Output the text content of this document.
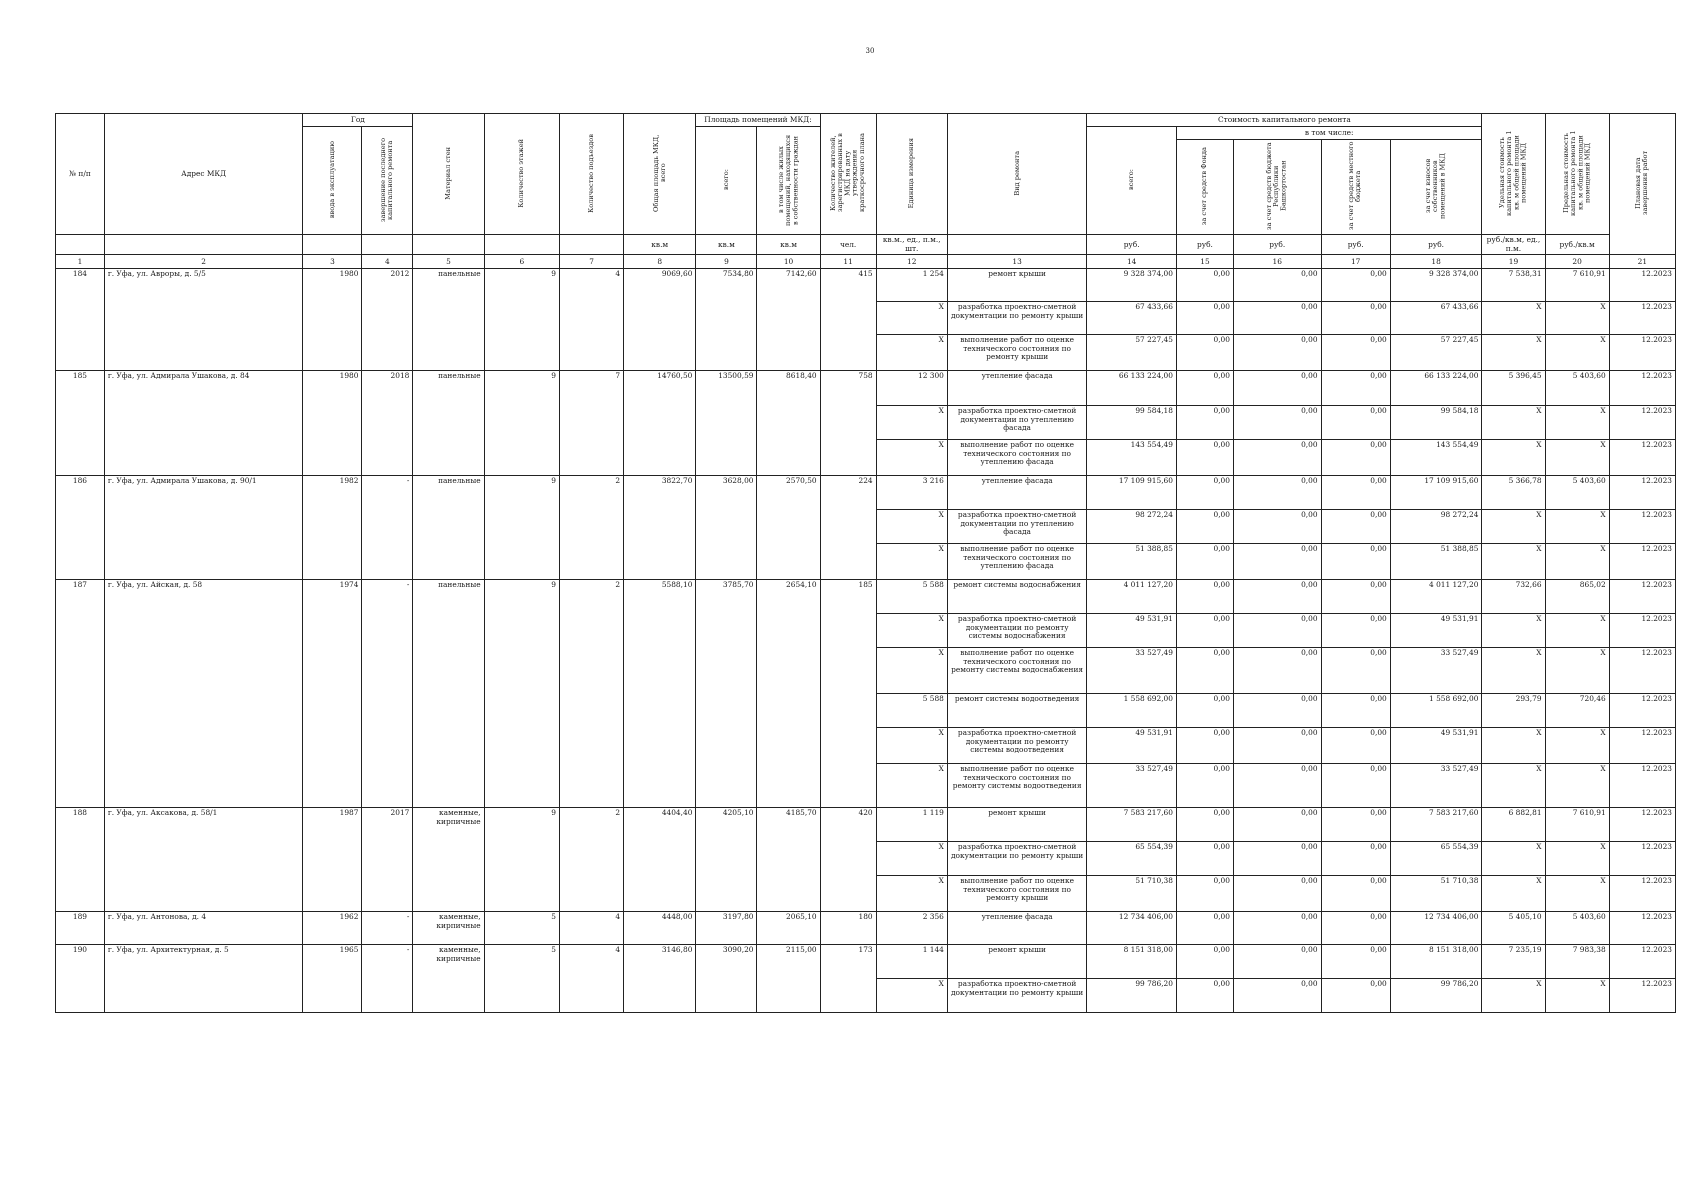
30
№ п/п	Адрес МКД	Год		Материал стен	Количество этажей	Количество подъездов	Общая площадь МКД, всего	Площадь помещений МКД:		Количество жителей, зарегистрированных в МКД на дату утверждения краткосрочного плана	Единица измерения	Вид ремонта	Стоимость капитального ремонта					Удельная стоимость капитального ремонта 1 кв. м общей площади помещений МКД	Предельная стоимость капитального ремонта 1 кв. м общей площади помещений МКД	Плановая дата завершения работ
		ввода в эксплуатацию	завершение последнего капитального ремонта					всего:	в том числе жилых помещений, находящихся в собственности граждан				всего:	в том числе:						
														за счет средств Фонда	за счет средств бюджета Республики Башкортостан	за счет средств местного бюджета	за счет взносов собственников помещений в МКД			
							кв.м	кв.м	кв.м	чел.	кв.м., ед., п.м., шт.		руб.	руб.	руб.	руб.	руб.	руб./кв.м, ед., п.м.	руб./кв.м	
1	2	3	4	5	6	7	8	9	10	11	12	13	14	15	16	17	18	19	20	21
184	г. Уфа, ул. Авроры, д. 5/5	1980	2012	панельные	9	4	9069,60	7534,80	7142,60	415	1 254	ремонт крыши	9 328 374,00	0,00	0,00	0,00	9 328 374,00	7 538,31	7 610,91	12.2023
											X	разработка проектно-сметной документации по ремонту крыши	67 433,66	0,00	0,00	0,00	67 433,66	X	X	12.2023
											X	выполнение работ по оценке технического состояния по ремонту крыши	57 227,45	0,00	0,00	0,00	57 227,45	X	X	12.2023
185	г. Уфа, ул. Адмирала Ушакова, д. 84	1980	2018	панельные	9	7	14760,50	13500,59	8618,40	758	12 300	утепление фасада	66 133 224,00	0,00	0,00	0,00	66 133 224,00	5 396,45	5 403,60	12.2023
											X	разработка проектно-сметной документации по утеплению фасада	99 584,18	0,00	0,00	0,00	99 584,18	X	X	12.2023
											X	выполнение работ по оценке технического состояния по утеплению фасада	143 554,49	0,00	0,00	0,00	143 554,49	X	X	12.2023
186	г. Уфа, ул. Адмирала Ушакова, д. 90/1	1982	-	панельные	9	2	3822,70	3628,00	2570,50	224	3 216	утепление фасада	17 109 915,60	0,00	0,00	0,00	17 109 915,60	5 366,78	5 403,60	12.2023
											X	разработка проектно-сметной документации по утеплению фасада	98 272,24	0,00	0,00	0,00	98 272,24	X	X	12.2023
											X	выполнение работ по оценке технического состояния по утеплению фасада	51 388,85	0,00	0,00	0,00	51 388,85	X	X	12.2023
187	г. Уфа, ул. Айская, д. 58	1974	-	панельные	9	2	5588,10	3785,70	2654,10	185	5 588	ремонт системы водоснабжения	4 011 127,20	0,00	0,00	0,00	4 011 127,20	732,66	865,02	12.2023
											X	разработка проектно-сметной документации по ремонту системы водоснабжения	49 531,91	0,00	0,00	0,00	49 531,91	X	X	12.2023
											X	выполнение работ по оценке технического состояния по ремонту системы водоснабжения	33 527,49	0,00	0,00	0,00	33 527,49	X	X	12.2023
											5 588	ремонт системы водоотведения	1 558 692,00	0,00	0,00	0,00	1 558 692,00	293,79	720,46	12.2023
											X	разработка проектно-сметной документации по ремонту системы водоотведения	49 531,91	0,00	0,00	0,00	49 531,91	X	X	12.2023
											X	выполнение работ по оценке технического состояния по ремонту системы водоотведения	33 527,49	0,00	0,00	0,00	33 527,49	X	X	12.2023
188	г. Уфа, ул. Аксакова, д. 58/1	1987	2017	каменные, кирпичные	9	2	4404,40	4205,10	4185,70	420	1 119	ремонт крыши	7 583 217,60	0,00	0,00	0,00	7 583 217,60	6 882,81	7 610,91	12.2023
											X	разработка проектно-сметной документации по ремонту крыши	65 554,39	0,00	0,00	0,00	65 554,39	X	X	12.2023
											X	выполнение работ по оценке технического состояния по ремонту крыши	51 710,38	0,00	0,00	0,00	51 710,38	X	X	12.2023
189	г. Уфа, ул. Антонова, д. 4	1962	-	каменные, кирпичные	5	4	4448,00	3197,80	2065,10	180	2 356	утепление фасада	12 734 406,00	0,00	0,00	0,00	12 734 406,00	5 405,10	5 403,60	12.2023
190	г. Уфа, ул. Архитектурная, д. 5	1965	-	каменные, кирпичные	5	4	3146,80	3090,20	2115,00	173	1 144	ремонт крыши	8 151 318,00	0,00	0,00	0,00	8 151 318,00	7 235,19	7 983,38	12.2023
											X	разработка проектно-сметной документации по ремонту крыши	99 786,20	0,00	0,00	0,00	99 786,20	X	X	12.2023
